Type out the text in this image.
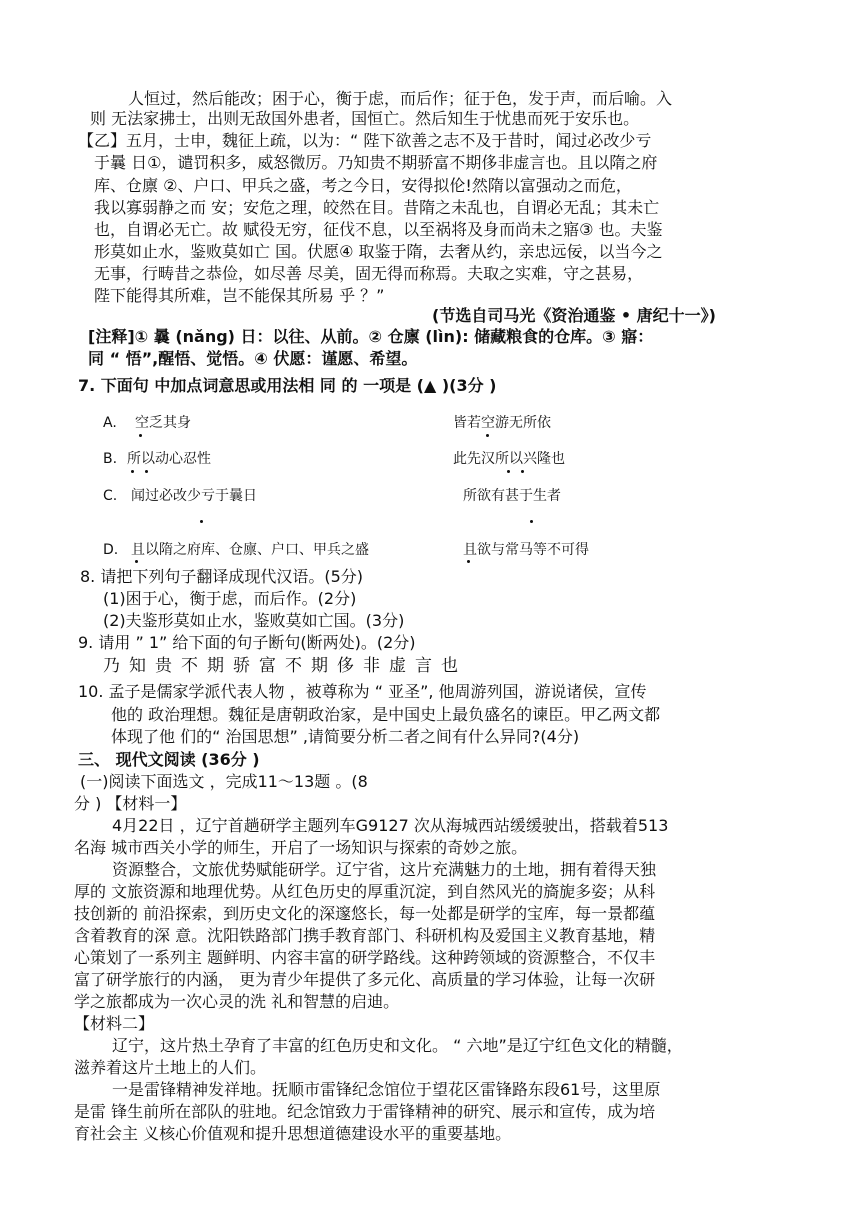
人恒过，然后能改；困于心，衡于虑，而后作；征于色，发于声，而后喻。入
则 无法家拂士，出则无敌国外患者，国恒亡。然后知生于忧患而死于安乐也。
【乙】五月，士申，魏征上疏，以为：“ 陛下欲善之志不及于昔时，闻过必改少亏
于曩 日①，谴罚积多，威怒微厉。乃知贵不期骄富不期侈非虚言也。且以隋之府
库、仓廪 ②、户口、甲兵之盛，考之今日，安得拟伦!然隋以富强动之而危，
我以寡弱静之而 安；安危之理，皎然在目。昔隋之未乱也，自谓必无乱；其未亡
也，自谓必无亡。故 赋役无穷，征伐不息，以至祸将及身而尚未之寤③ 也。夫鉴
形莫如止水，鉴败莫如亡 国。伏愿④ 取鉴于隋，去奢从约，亲忠远佞，以当今之
无事，行畴昔之恭俭，如尽善 尽美，固无得而称焉。夫取之实难，守之甚易，
陛下能得其所难，岂不能保其所易 乎 ？”
(节选自司马光《资治通鉴 • 唐纪十一》)
[注释]① 曩 (nǎng) 日：以往、从前。② 仓廪 (lìn): 储藏粮食的仓库。③ 寤：
同 “ 悟”,醒悟、觉悟。④ 伏愿：谨愿、希望。
7. 下面句 中加点词意思或用法相 同 的 一项是 (▲ )(3分 )
A. 空乏其身	皆若空游无所依
B. 所以动心忍性	此先汉所以兴隆也
C. 闻过必改少亏于曩日	所欲有甚于生者
D. 且以隋之府库、仓廪、户口、甲兵之盛	且欲与常马等不可得
8. 请把下列句子翻译成现代汉语。(5分)
(1)困于心，衡于虑，而后作。(2分)
(2)夫鉴形莫如止水，鉴败莫如亡国。(3分)
9. 请用 ” 1” 给下面的句子断句(断两处)。(2分)
乃知贵不期骄富不期侈非虚言也
10. 孟子是儒家学派代表人物 ，被尊称为 “ 亚圣”, 他周游列国，游说诸侯，宣传
他的 政治理想。魏征是唐朝政治家，是中国史上最负盛名的谏臣。甲乙两文都
体现了他 们的“ 治国思想” ,请简要分析二者之间有什么异同?(4分)
三、 现代文阅读 (36分 )
(一)阅读下面选文 ，完成11～13题 。(8
分 ) 【材料一】
4月22日 ，辽宁首趟研学主题列车G9127 次从海城西站缓缓驶出，搭载着513
名海 城市西关小学的师生，开启了一场知识与探索的奇妙之旅。
资源整合，文旅优势赋能研学。辽宁省，这片充满魅力的土地，拥有着得天独
厚的 文旅资源和地理优势。从红色历史的厚重沉淀，到自然风光的旖旎多姿；从科
技创新的 前沿探索，到历史文化的深邃悠长，每一处都是研学的宝库，每一景都蕴
含着教育的深 意。沈阳铁路部门携手教育部门、科研机构及爱国主义教育基地，精
心策划了一系列主 题鲜明、内容丰富的研学路线。这种跨领域的资源整合，不仅丰
富了研学旅行的内涵， 更为青少年提供了多元化、高质量的学习体验，让每一次研
学之旅都成为一次心灵的洗 礼和智慧的启迪。
【材料二】
辽宁，这片热土孕育了丰富的红色历史和文化。 “ 六地”是辽宁红色文化的精髓，
滋养着这片土地上的人们。
一是雷锋精神发祥地。抚顺市雷锋纪念馆位于望花区雷锋路东段61号，这里原
是雷 锋生前所在部队的驻地。纪念馆致力于雷锋精神的研究、展示和宣传，成为培
育社会主 义核心价值观和提升思想道德建设水平的重要基地。
